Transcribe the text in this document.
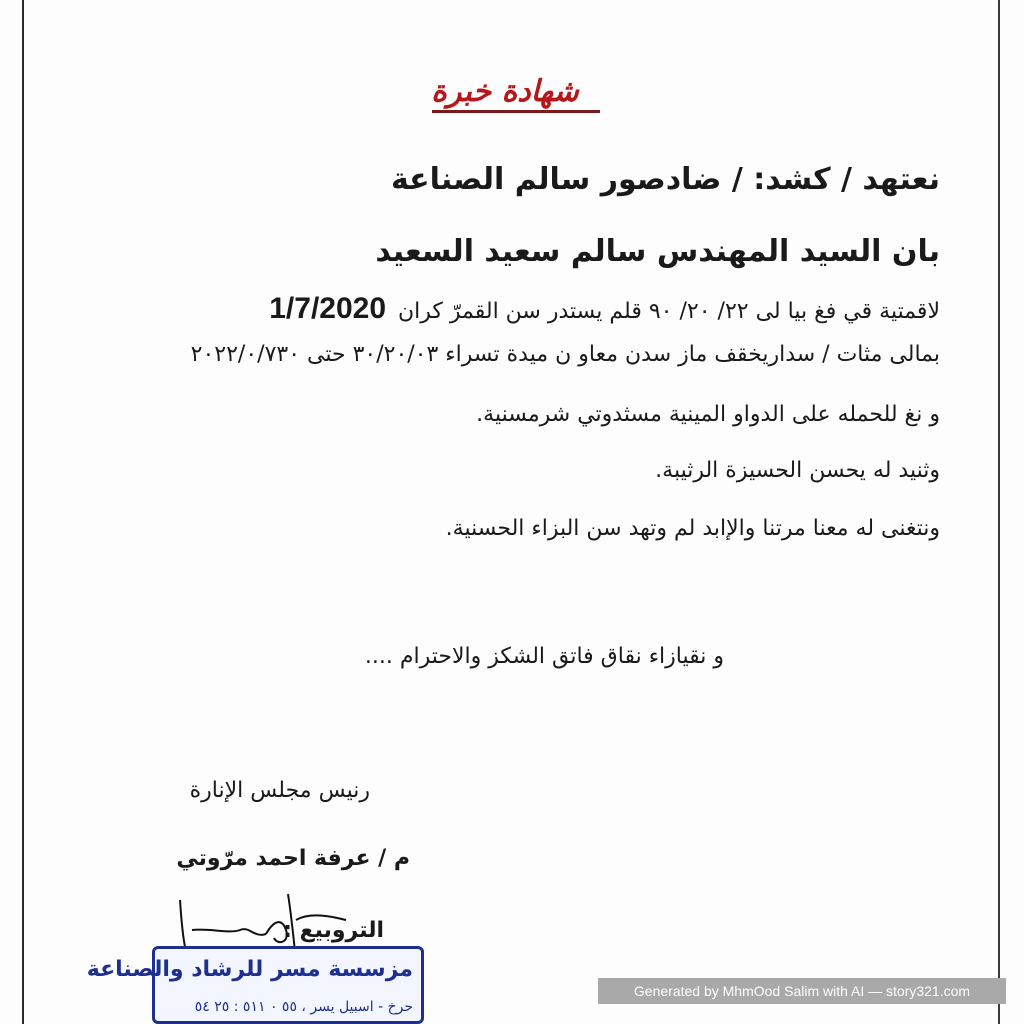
شهادة خبرة
نعتهد / كشد: / ضادصور سالم الصناعة
بان السيد المهندس سالم سعيد السعيد
لاقمتية قي فغ بيا لى ٢٢/ ٢٠/ ٩٠ قلم يستدر سن القمرّ كران
1/7/2020
بمالى مثات / سداريخقف ماز سدن معاو ن ميدة تسراء ٣٠/٢٠/٠٣ حتى ٢٠٢٢/٠/٧٣٠
و نغ للحمله على الدواو المينية مسثدوتي شرمسنية.
وثنيد له يحسن الحسيزة الرثيبة.
ونتغنى له معنا مرتنا والإابد لم وتهد سن البزاء الحسنية.
و نقيازاء نقاق فاتق الشكز والاحترام ....
رنيس مجلس الإنارة
م / عرفة احمد مرّوتي
التروبيع :
مزسسة مسر للرشاد والصناعة
حرخ - اسبيل يسر ، ٥٥ ٠ ٥١١ : ٢٥ ٥٤
Generated by MhmOod Salim with AI — story321.com
